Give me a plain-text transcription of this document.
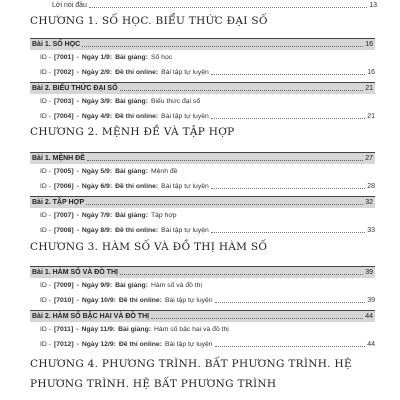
Lời nói đầu	13
CHƯƠNG 1. SỐ HỌC. BIỂU THỨC ĐẠI SỐ
Bài 1. SỐ HỌC	16
ID - [7001] - Ngày 1/9: Bài giảng: Số học
ID - [7002] - Ngày 2/9: Đề thi online: Bài tập tự luyện	16
Bài 2. BIỂU THỨC ĐẠI SỐ	21
ID - [7003] - Ngày 3/9: Bài giảng: Biểu thức đại số
ID - [7004] - Ngày 4/9: Đề thi online: Bài tập tự luyện	21
CHƯƠNG 2. MỆNH ĐỀ VÀ TẬP HỢP
Bài 1. MỆNH ĐỀ	27
ID - [7005] - Ngày 5/9: Bài giảng: Mệnh đề
ID - [7006] - Ngày 6/9: Đề thi online: Bài tập tự luyện	28
Bài 2. TẬP HỢP	32
ID - [7007] - Ngày 7/9: Bài giảng: Tập hợp
ID - [7008] - Ngày 8/9: Đề thi online: Bài tập tự luyện	33
CHƯƠNG 3. HÀM SỐ VÀ ĐỒ THỊ HÀM SỐ
Bài 1. HÀM SỐ VÀ ĐỒ THỊ	39
ID - [7009] - Ngày 9/9: Bài giảng: Hàm số và đồ thị
ID - [7010] - Ngày 10/9: Đề thi online: Bài tập tự luyện	39
Bài 2. HÀM SỐ BẬC HAI VÀ ĐỒ THỊ	44
ID - [7011] - Ngày 11/9: Bài giảng: Hàm số bậc hai và đồ thị
ID - [7012] - Ngày 12/9: Đề thi online: Bài tập tự luyện	44
CHƯƠNG 4. PHƯƠNG TRÌNH. BẤT PHƯƠNG TRÌNH. HỆ PHƯƠNG TRÌNH. HỆ BẤT PHƯƠNG TRÌNH
